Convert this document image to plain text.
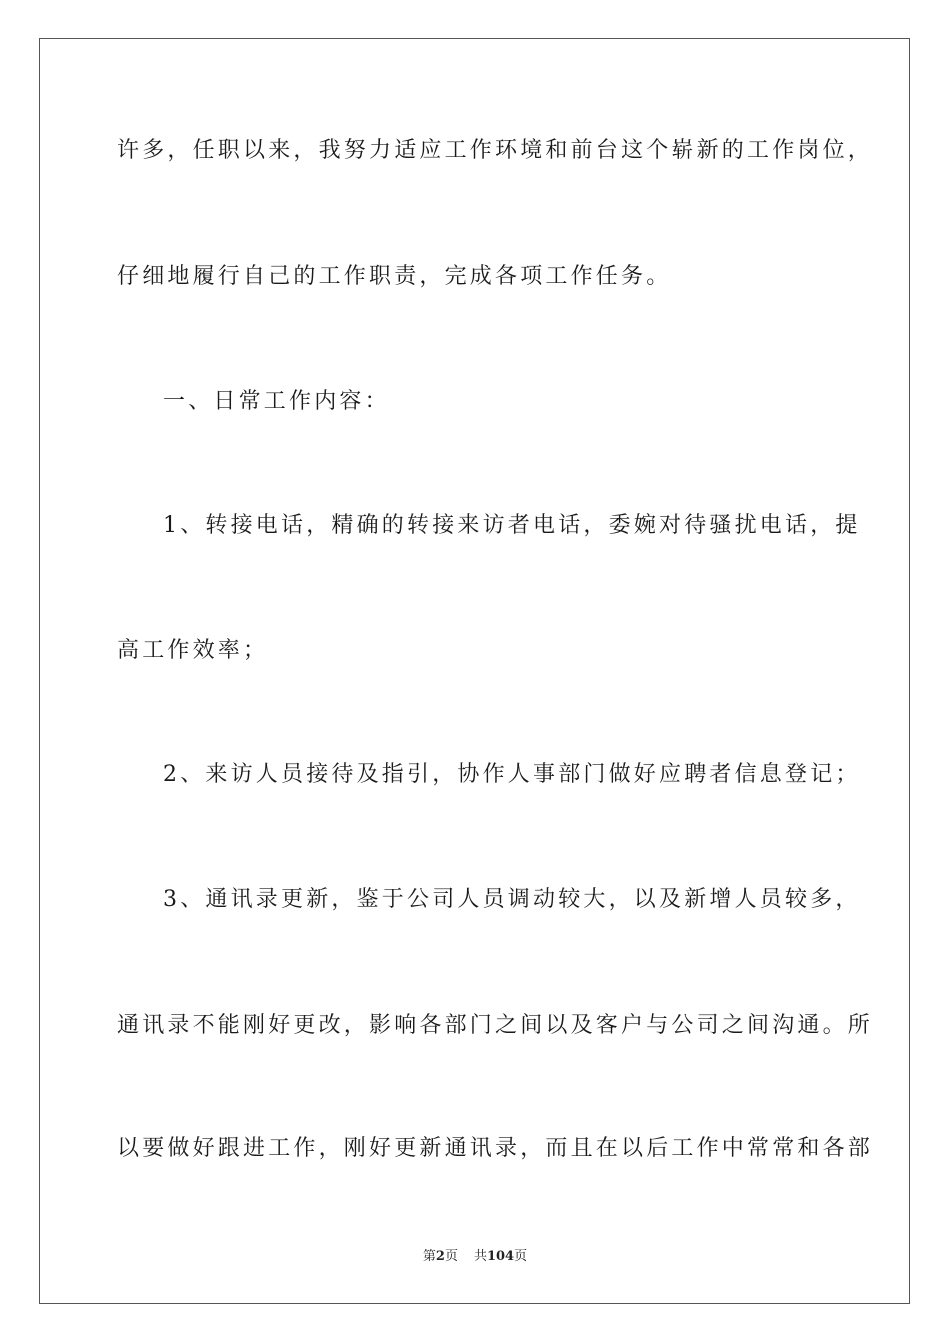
许多，任职以来，我努力适应工作环境和前台这个崭新的工作岗位，
仔细地履行自己的工作职责，完成各项工作任务。
一、日常工作内容：
1、转接电话，精确的转接来访者电话，委婉对待骚扰电话，提
高工作效率；
2、来访人员接待及指引，协作人事部门做好应聘者信息登记；
3、通讯录更新，鉴于公司人员调动较大，以及新增人员较多，
通讯录不能刚好更改，影响各部门之间以及客户与公司之间沟通。所
以要做好跟进工作，刚好更新通讯录，而且在以后工作中常常和各部
第2页 共104页
